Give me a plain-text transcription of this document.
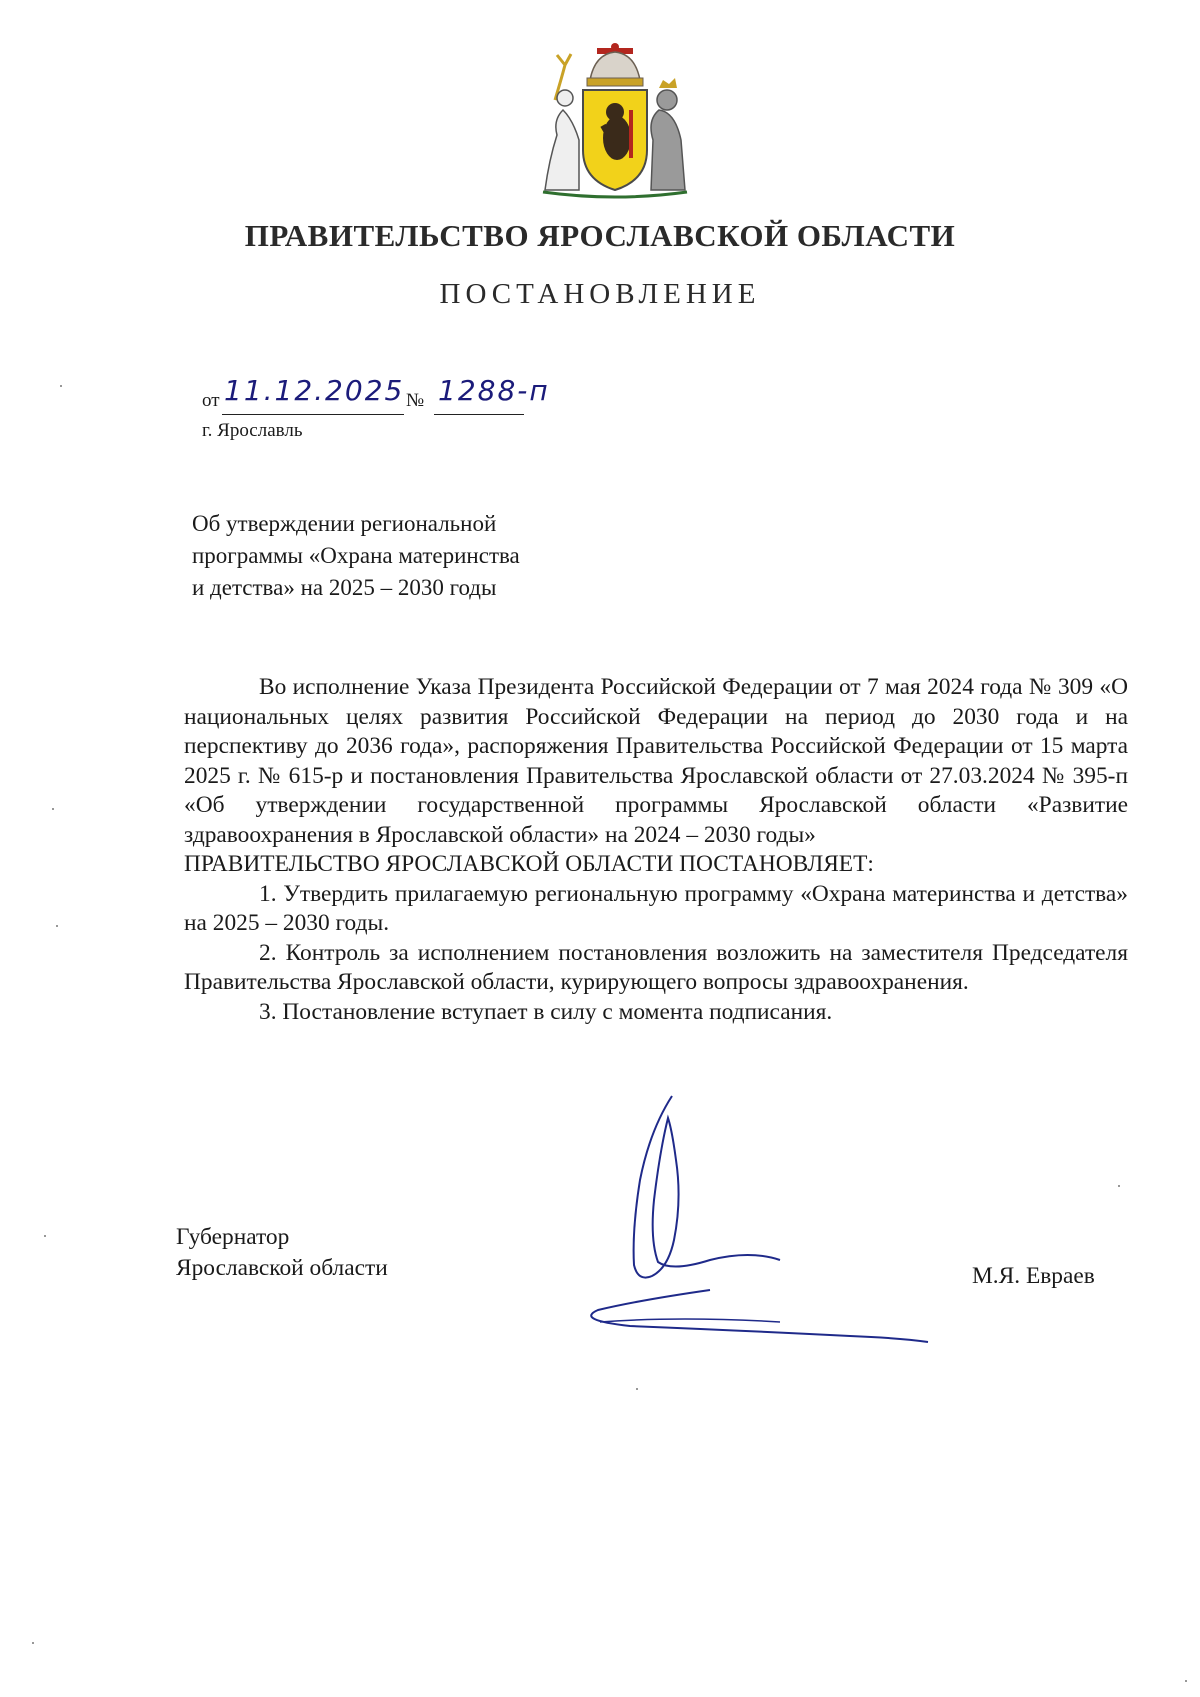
ПРАВИТЕЛЬСТВО ЯРОСЛАВСКОЙ ОБЛАСТИ
ПОСТАНОВЛЕНИЕ
от 11.12.2025 № 1288-п
г. Ярославль
Об утверждении региональной
программы «Охрана материнства
и детства» на 2025 – 2030 годы

Во исполнение Указа Президента Российской Федерации от 7 мая 2024 года № 309 «О национальных целях развития Российской Федерации на период до 2030 года и на перспективу до 2036 года», распоряжения Правительства Российской Федерации от 15 марта 2025 г. № 615-р и постановления Правительства Ярославской области от 27.03.2024 № 395-п «Об утверждении государственной программы Ярославской области «Развитие здравоохранения в Ярославской области» на 2024 – 2030 годы»

ПРАВИТЕЛЬСТВО ЯРОСЛАВСКОЙ ОБЛАСТИ ПОСТАНОВЛЯЕТ:

1. Утвердить прилагаемую региональную программу «Охрана материнства и детства» на 2025 – 2030 годы.

2. Контроль за исполнением постановления возложить на заместителя Председателя Правительства Ярославской области, курирующего вопросы здравоохранения.

3. Постановление вступает в силу с момента подписания.

Губернатор
Ярославской области	М.Я. Евраев
